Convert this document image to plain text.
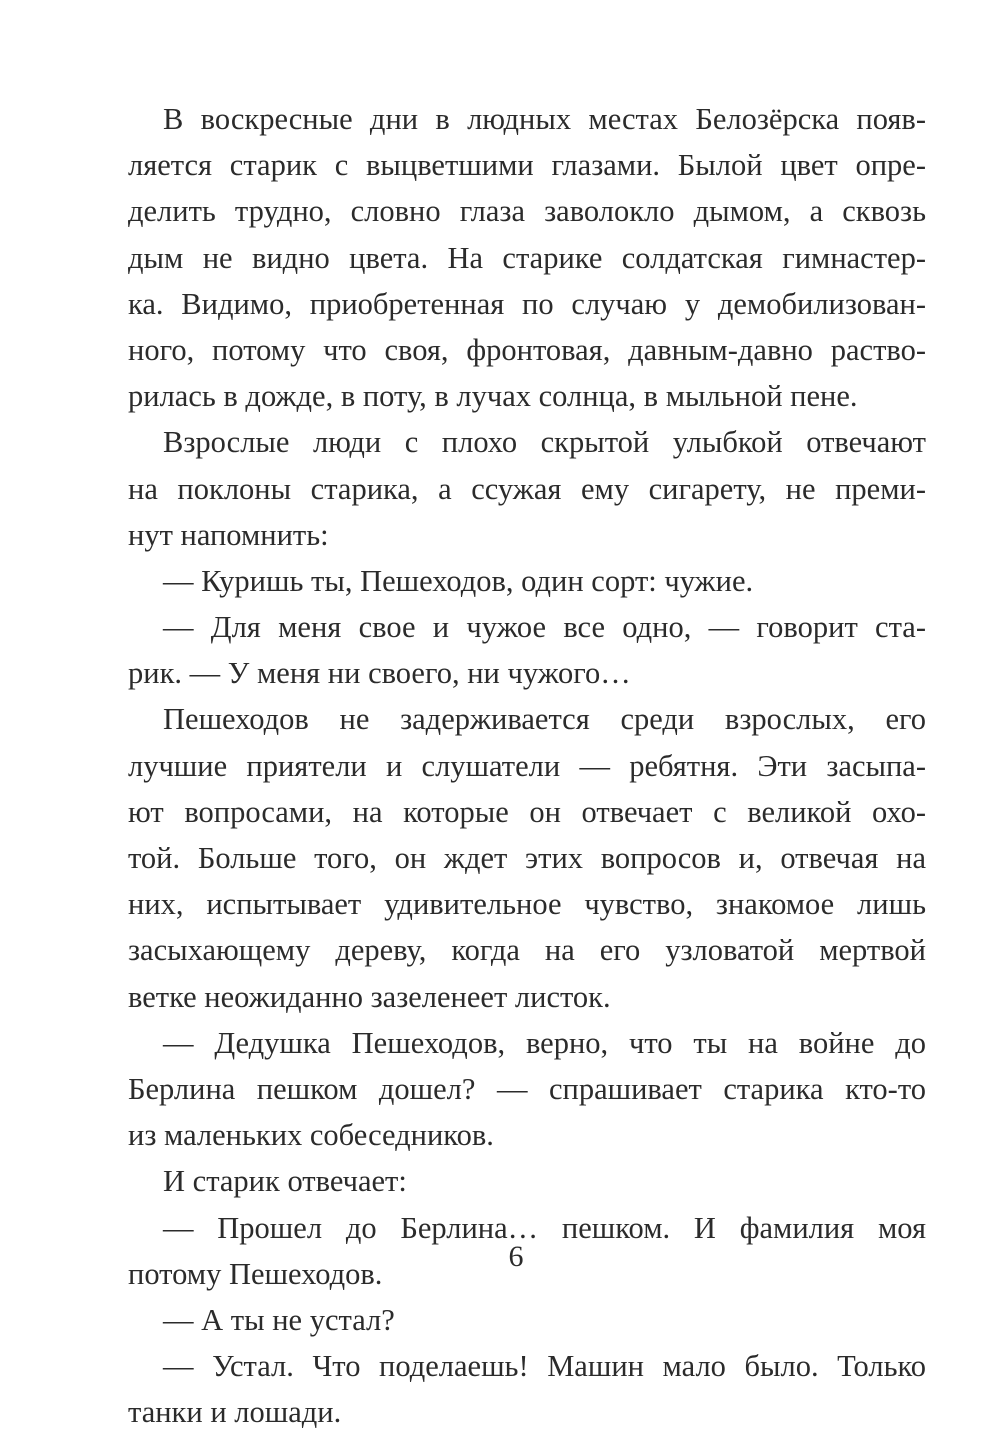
В воскресные дни в людных местах Белозёрска появ-
ляется старик с выцветшими глазами. Былой цвет опре-
делить трудно, словно глаза заволокло дымом, а сквозь
дым не видно цвета. На старике солдатская гимнастер-
ка. Видимо, приобретенная по случаю у демобилизован-
ного, потому что своя, фронтовая, давным-давно раство-
рилась в дожде, в поту, в лучах солнца, в мыльной пене.
Взрослые люди с плохо скрытой улыбкой отвечают
на поклоны старика, а ссужая ему сигарету, не преми-
нут напомнить:
— Куришь ты, Пешеходов, один сорт: чужие.
— Для меня свое и чужое все одно, — говорит ста-
рик. — У меня ни своего, ни чужого…
Пешеходов не задерживается среди взрослых, его
лучшие приятели и слушатели — ребятня. Эти засыпа-
ют вопросами, на которые он отвечает с великой охо-
той. Больше того, он ждет этих вопросов и, отвечая на
них, испытывает удивительное чувство, знакомое лишь
засыхающему дереву, когда на его узловатой мертвой
ветке неожиданно зазеленеет листок.
— Дедушка Пешеходов, верно, что ты на войне до
Берлина пешком дошел? — спрашивает старика кто-то
из маленьких собеседников.
И старик отвечает:
— Прошел до Берлина… пешком. И фамилия моя
потому Пешеходов.
— А ты не устал?
— Устал. Что поделаешь! Машин мало было. Только
танки и лошади.
6
